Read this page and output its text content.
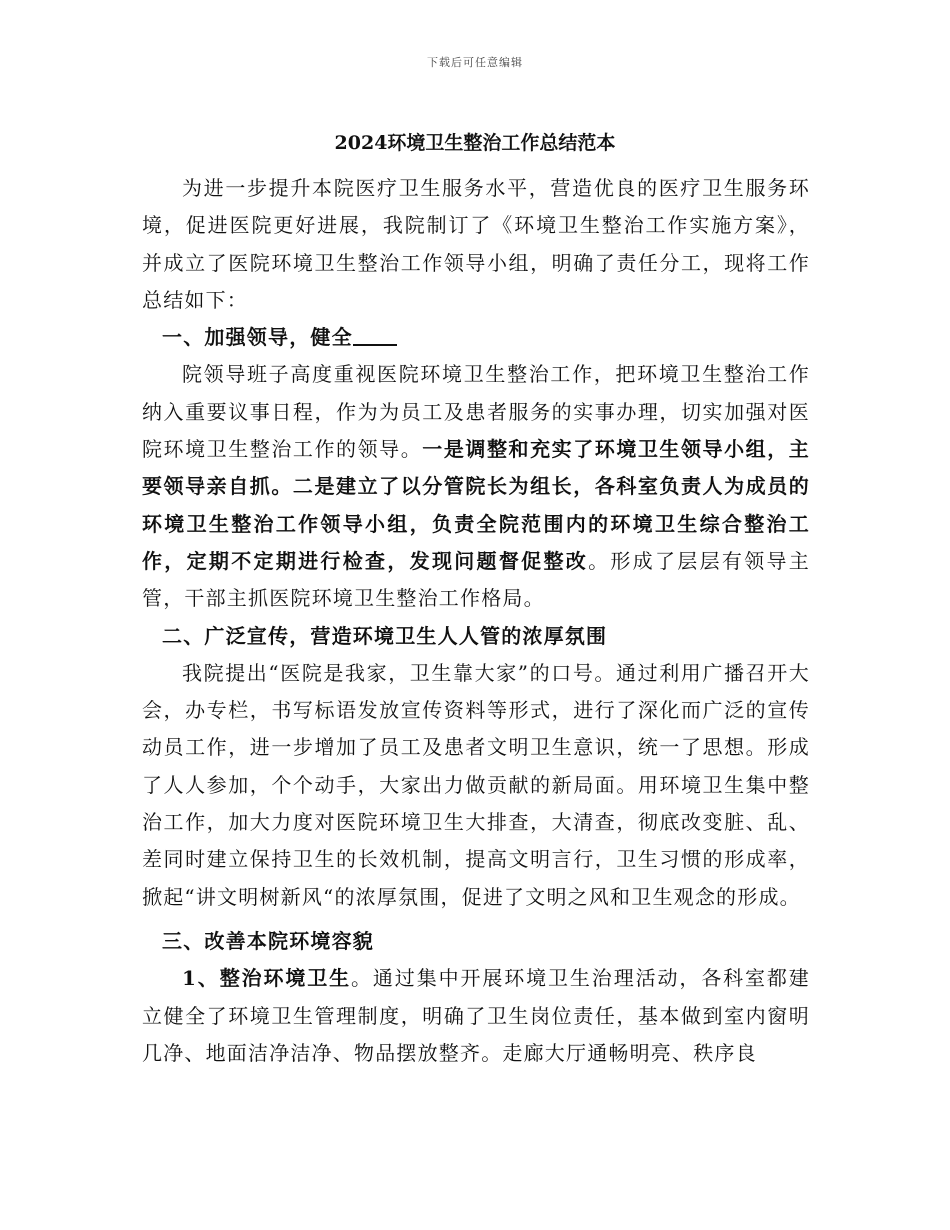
下载后可任意编辑
2024环境卫生整治工作总结范本

为进一步提升本院医疗卫生服务水平，营造优良的医疗卫生服务环境，促进医院更好进展，我院制订了《环境卫生整治工作实施方案》，并成立了医院环境卫生整治工作领导小组，明确了责任分工，现将工作总结如下：

一、加强领导，健全

院领导班子高度重视医院环境卫生整治工作，把环境卫生整治工作纳入重要议事日程，作为为员工及患者服务的实事办理，切实加强对医院环境卫生整治工作的领导。一是调整和充实了环境卫生领导小组，主要领导亲自抓。二是建立了以分管院长为组长，各科室负责人为成员的环境卫生整治工作领导小组，负责全院范围内的环境卫生综合整治工作，定期不定期进行检查，发现问题督促整改。形成了层层有领导主管，干部主抓医院环境卫生整治工作格局。

二、广泛宣传，营造环境卫生人人管的浓厚氛围

我院提出“医院是我家，卫生靠大家”的口号。通过利用广播召开大会，办专栏，书写标语发放宣传资料等形式，进行了深化而广泛的宣传动员工作，进一步增加了员工及患者文明卫生意识，统一了思想。形成了人人参加，个个动手，大家出力做贡献的新局面。用环境卫生集中整治工作，加大力度对医院环境卫生大排查，大清查，彻底改变脏、乱、差同时建立保持卫生的长效机制，提高文明言行，卫生习惯的形成率，掀起“讲文明树新风“的浓厚氛围，促进了文明之风和卫生观念的形成。

三、改善本院环境容貌

1、整治环境卫生。通过集中开展环境卫生治理活动，各科室都建立健全了环境卫生管理制度，明确了卫生岗位责任，基本做到室内窗明几净、地面洁净洁净、物品摆放整齐。走廊大厅通畅明亮、秩序良
